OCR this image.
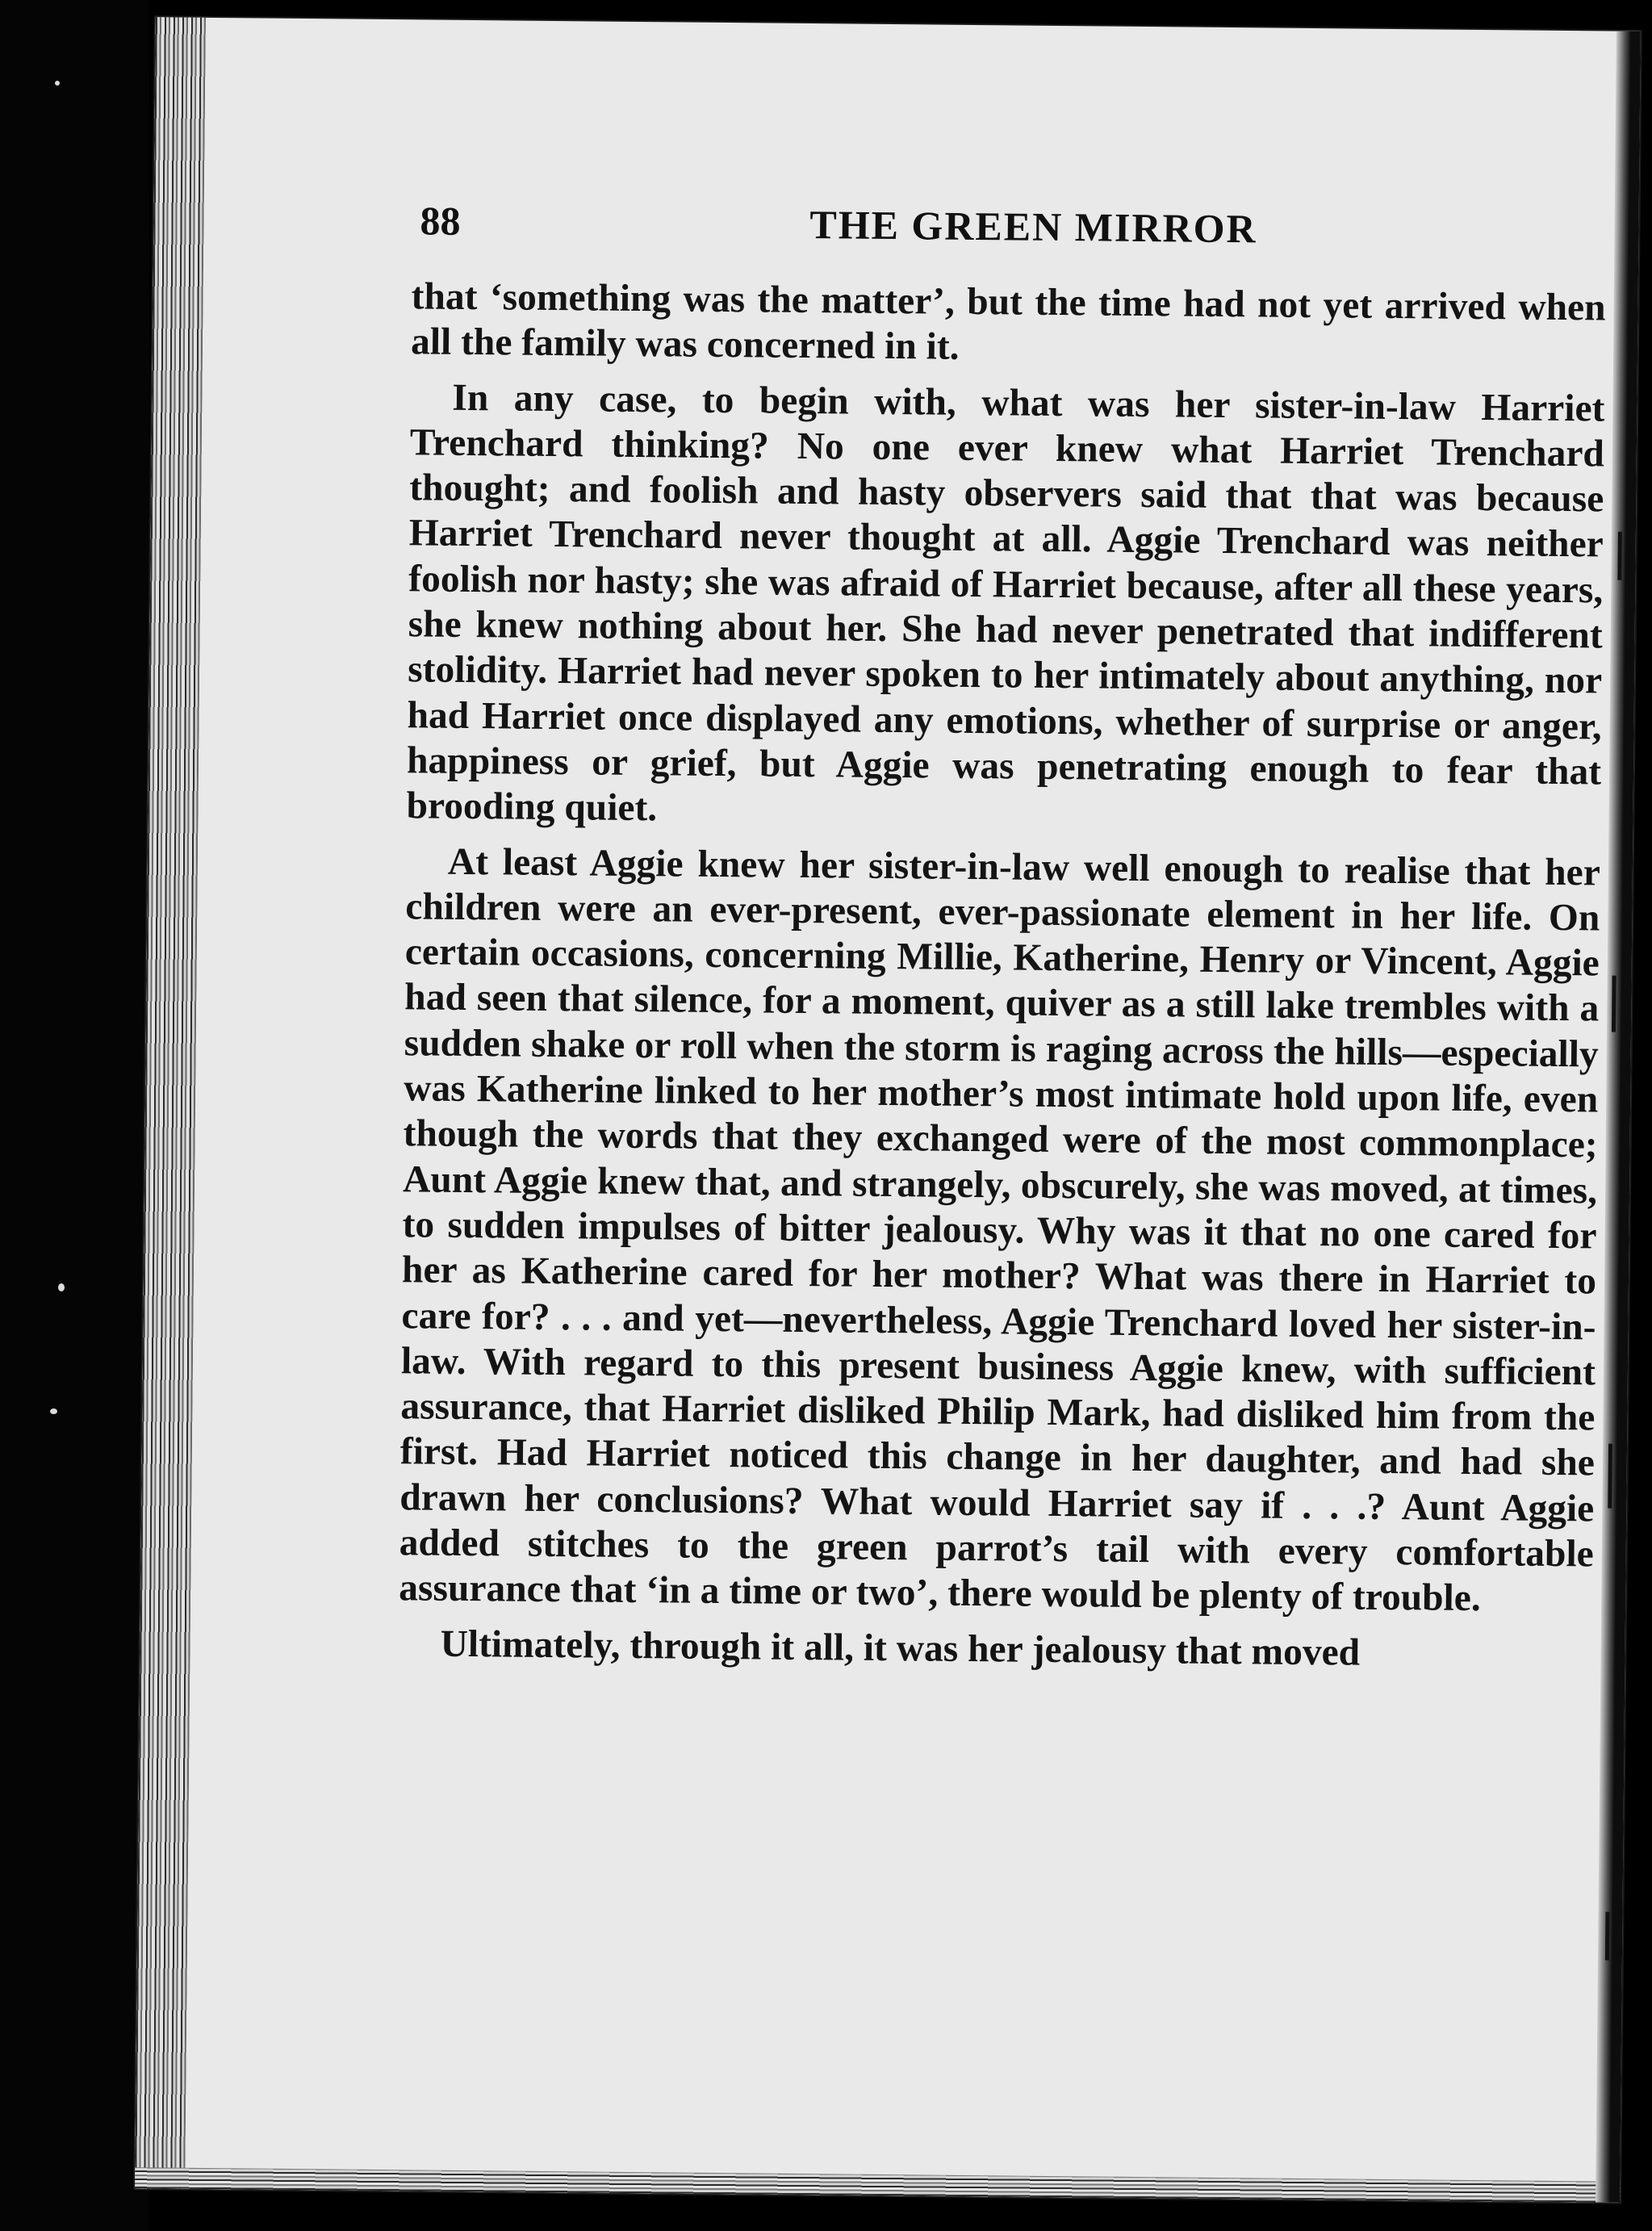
88	THE GREEN MIRROR

that ‘something was the matter’, but the time had not yet arrived when all the family was concerned in it.

In any case, to begin with, what was her sister-in-law Harriet Trenchard thinking? No one ever knew what Harriet Trenchard thought; and foolish and hasty observers said that that was because Harriet Trenchard never thought at all. Aggie Trenchard was neither foolish nor hasty; she was afraid of Harriet because, after all these years, she knew nothing about her. She had never penetrated that indifferent stolidity. Harriet had never spoken to her intimately about anything, nor had Harriet once displayed any emotions, whether of surprise or anger, happiness or grief, but Aggie was penetrating enough to fear that brooding quiet.

At least Aggie knew her sister-in-law well enough to realise that her children were an ever-present, ever-passionate element in her life. On certain occasions, concerning Millie, Katherine, Henry or Vincent, Aggie had seen that silence, for a moment, quiver as a still lake trembles with a sudden shake or roll when the storm is raging across the hills—especially was Katherine linked to her mother’s most intimate hold upon life, even though the words that they exchanged were of the most commonplace; Aunt Aggie knew that, and strangely, obscurely, she was moved, at times, to sudden impulses of bitter jealousy. Why was it that no one cared for her as Katherine cared for her mother? What was there in Harriet to care for? . . . and yet—nevertheless, Aggie Trenchard loved her sister-in-law. With regard to this present business Aggie knew, with sufficient assurance, that Harriet disliked Philip Mark, had disliked him from the first. Had Harriet noticed this change in her daughter, and had she drawn her conclusions? What would Harriet say if . . .? Aunt Aggie added stitches to the green parrot’s tail with every comfortable assurance that ‘in a time or two’, there would be plenty of trouble.

Ultimately, through it all, it was her jealousy that moved
